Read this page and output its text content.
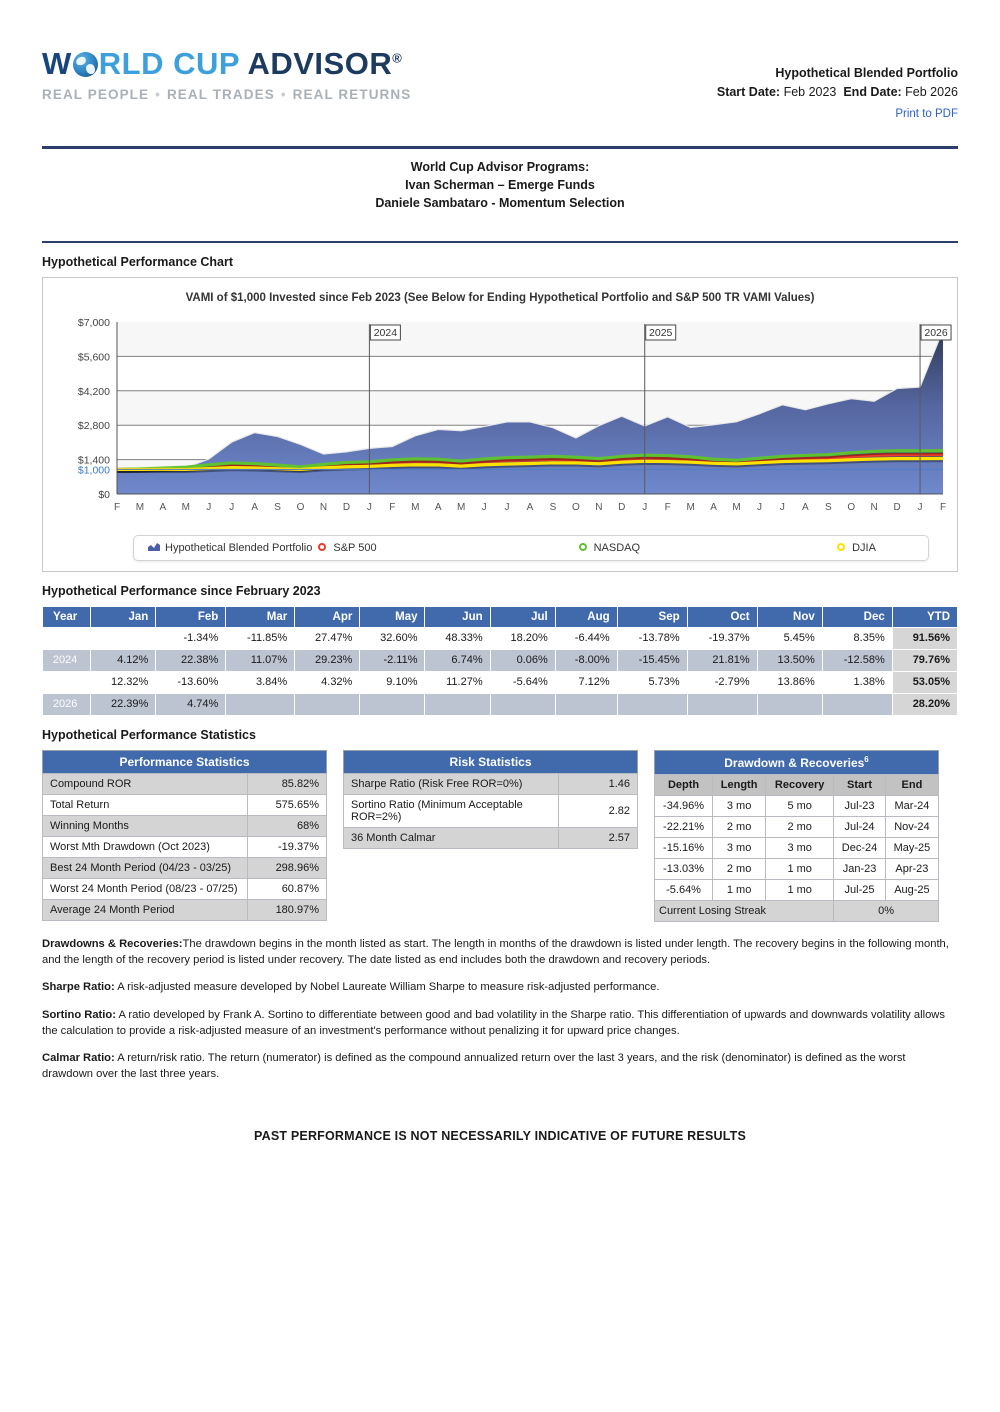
W RLD CUP ADVISOR®
REAL PEOPLE • REAL TRADES • REAL RETURNS
Hypothetical Blended Portfolio
Start Date: Feb 2023 End Date: Feb 2026
Print to PDF
World Cup Advisor Programs:
Ivan Scherman – Emerge Funds
Daniele Sambataro - Momentum Selection
Hypothetical Performance Chart
VAMI of $1,000 Invested since Feb 2023 (See Below for Ending Hypothetical Portfolio and S&P 500 TR VAMI Values)
$7,000
$5,600
$4,200
$2,800
$1,400
$1,000
$0
2024	2025	2026
F M A M J J A S O N D J F M A M J J A S O N D J F M A M J J A S O N D J F
Hypothetical Blended Portfolio S&P 500	NASDAQ	DJIA
Hypothetical Performance since February 2023
Year	Jan	Feb	Mar	Apr	May	Jun	Jul	Aug	Sep	Oct	Nov	Dec	YTD
2023		-1.34%	-11.85%	27.47%	32.60%	48.33%	18.20%	-6.44%	-13.78%	-19.37%	5.45%	8.35%	91.56%
2024	4.12%	22.38%	11.07%	29.23%	-2.11%	6.74%	0.06%	-8.00%	-15.45%	21.81%	13.50%	-12.58%	79.76%
2025	12.32%	-13.60%	3.84%	4.32%	9.10%	11.27%	-5.64%	7.12%	5.73%	-2.79%	13.86%	1.38%	53.05%
2026	22.39%	4.74%											28.20%
Hypothetical Performance Statistics
Performance Statistics	
Compound ROR	85.82%
Total Return	575.65%
Winning Months	68%
Worst Mth Drawdown (Oct 2023)	-19.37%
Best 24 Month Period (04/23 - 03/25)	298.96%
Worst 24 Month Period (08/23 - 07/25)	60.87%
Average 24 Month Period	180.97%
Risk Statistics	
Sharpe Ratio (Risk Free ROR=0%)	1.46
Sortino Ratio (Minimum Acceptable ROR=2%)	2.82
36 Month Calmar	2.57
Drawdown & Recoveries$^6$
Depth	Length	Recovery	Start	End
-34.96%	3 mo	5 mo	Jul-23	Mar-24
-22.21%	2 mo	2 mo	Jul-24	Nov-24
-15.16%	3 mo	3 mo	Dec-24	May-25
-13.03%	2 mo	1 mo	Jan-23	Apr-23
-5.64%	1 mo	1 mo	Jul-25	Aug-25
Current Losing Streak			0%	

Drawdowns & Recoveries:The drawdown begins in the month listed as start. The length in months of the drawdown is listed under length. The recovery begins in the following month, and the length of the recovery period is listed under recovery. The date listed as end includes both the drawdown and recovery periods.

Sharpe Ratio: A risk-adjusted measure developed by Nobel Laureate William Sharpe to measure risk-adjusted performance.

Sortino Ratio: A ratio developed by Frank A. Sortino to differentiate between good and bad volatility in the Sharpe ratio. This differentiation of upwards and downwards volatility allows the calculation to provide a risk-adjusted measure of an investment's performance without penalizing it for upward price changes.

Calmar Ratio: A return/risk ratio. The return (numerator) is defined as the compound annualized return over the last 3 years, and the risk (denominator) is defined as the worst drawdown over the last three years.

PAST PERFORMANCE IS NOT NECESSARILY INDICATIVE OF FUTURE RESULTS
